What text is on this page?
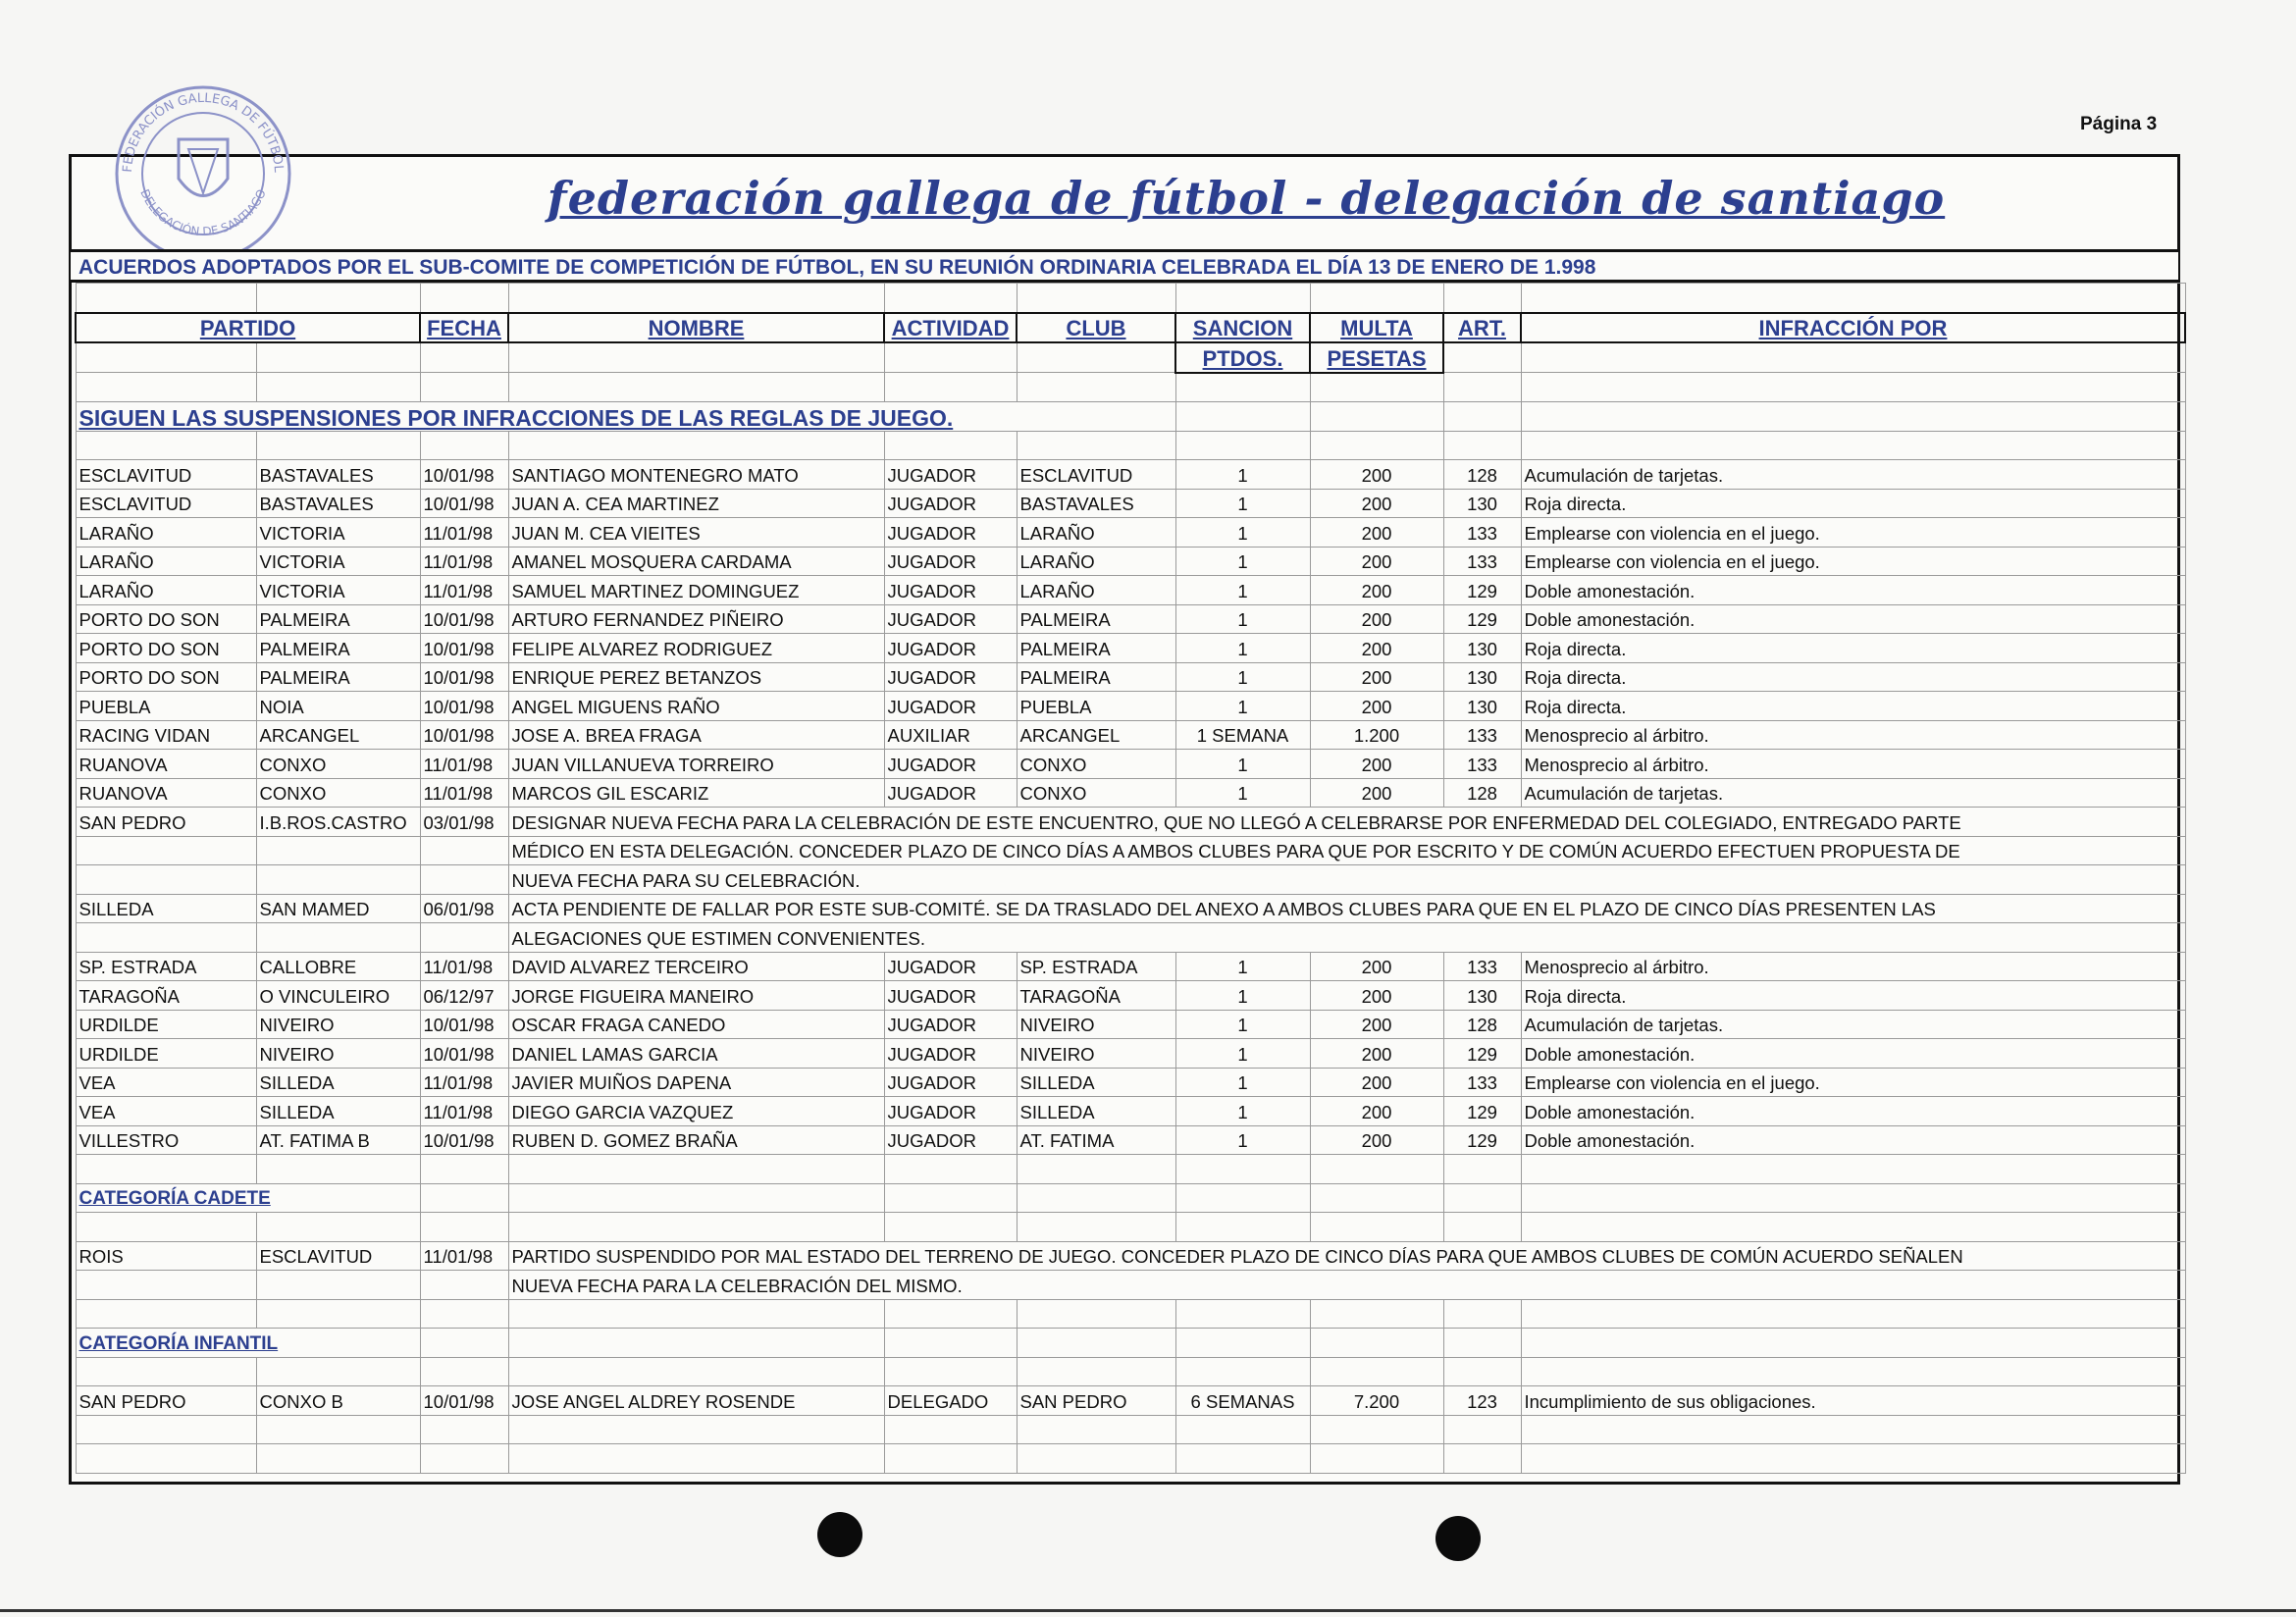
Página 3
FEDERACIÓN GALLEGA DE FÚTBOL
DELEGACIÓN DE SANTIAGO	federación gallega de fútbol - delegación de santiago
ACUERDOS ADOPTADOS POR EL SUB-COMITE DE COMPETICIÓN DE FÚTBOL, EN SU REUNIÓN ORDINARIA CELEBRADA EL DÍA 13 DE ENERO DE 1.998

PARTIDO		FECHA	NOMBRE	ACTIVIDAD	CLUB	SANCION	MULTA	ART.	INFRACCIÓN POR
						PTDOS.	PESETAS		

SIGUEN LAS SUSPENSIONES POR INFRACCIONES DE LAS REGLAS DE JUEGO.									

ESCLAVITUD	BASTAVALES	10/01/98	SANTIAGO MONTENEGRO MATO	JUGADOR	ESCLAVITUD	1	200	128	Acumulación de tarjetas.
ESCLAVITUD	BASTAVALES	10/01/98	JUAN A. CEA MARTINEZ	JUGADOR	BASTAVALES	1	200	130	Roja directa.
LARAÑO	VICTORIA	11/01/98	JUAN M. CEA VIEITES	JUGADOR	LARAÑO	1	200	133	Emplearse con violencia en el juego.
LARAÑO	VICTORIA	11/01/98	AMANEL MOSQUERA CARDAMA	JUGADOR	LARAÑO	1	200	133	Emplearse con violencia en el juego.
LARAÑO	VICTORIA	11/01/98	SAMUEL MARTINEZ DOMINGUEZ	JUGADOR	LARAÑO	1	200	129	Doble amonestación.
PORTO DO SON	PALMEIRA	10/01/98	ARTURO FERNANDEZ PIÑEIRO	JUGADOR	PALMEIRA	1	200	129	Doble amonestación.
PORTO DO SON	PALMEIRA	10/01/98	FELIPE ALVAREZ RODRIGUEZ	JUGADOR	PALMEIRA	1	200	130	Roja directa.
PORTO DO SON	PALMEIRA	10/01/98	ENRIQUE PEREZ BETANZOS	JUGADOR	PALMEIRA	1	200	130	Roja directa.
PUEBLA	NOIA	10/01/98	ANGEL MIGUENS RAÑO	JUGADOR	PUEBLA	1	200	130	Roja directa.
RACING VIDAN	ARCANGEL	10/01/98	JOSE A. BREA FRAGA	AUXILIAR	ARCANGEL	1 SEMANA	1.200	133	Menosprecio al árbitro.
RUANOVA	CONXO	11/01/98	JUAN VILLANUEVA TORREIRO	JUGADOR	CONXO	1	200	133	Menosprecio al árbitro.
RUANOVA	CONXO	11/01/98	MARCOS GIL ESCARIZ	JUGADOR	CONXO	1	200	128	Acumulación de tarjetas.
SAN PEDRO	I.B.ROS.CASTRO	03/01/98	DESIGNAR NUEVA FECHA PARA LA CELEBRACIÓN DE ESTE ENCUENTRO, QUE NO LLEGÓ A CELEBRARSE POR ENFERMEDAD DEL COLEGIADO, ENTREGADO PARTE						
			MÉDICO EN ESTA DELEGACIÓN. CONCEDER PLAZO DE CINCO DÍAS A AMBOS CLUBES PARA QUE POR ESCRITO Y DE COMÚN ACUERDO EFECTUEN PROPUESTA DE						
			NUEVA FECHA PARA SU CELEBRACIÓN.						
SILLEDA	SAN MAMED	06/01/98	ACTA PENDIENTE DE FALLAR POR ESTE SUB-COMITÉ. SE DA TRASLADO DEL ANEXO A AMBOS CLUBES PARA QUE EN EL PLAZO DE CINCO DÍAS PRESENTEN LAS						
			ALEGACIONES QUE ESTIMEN CONVENIENTES.						
SP. ESTRADA	CALLOBRE	11/01/98	DAVID ALVAREZ TERCEIRO	JUGADOR	SP. ESTRADA	1	200	133	Menosprecio al árbitro.
TARAGOÑA	O VINCULEIRO	06/12/97	JORGE FIGUEIRA MANEIRO	JUGADOR	TARAGOÑA	1	200	130	Roja directa.
URDILDE	NIVEIRO	10/01/98	OSCAR FRAGA CANEDO	JUGADOR	NIVEIRO	1	200	128	Acumulación de tarjetas.
URDILDE	NIVEIRO	10/01/98	DANIEL LAMAS GARCIA	JUGADOR	NIVEIRO	1	200	129	Doble amonestación.
VEA	SILLEDA	11/01/98	JAVIER MUIÑOS DAPENA	JUGADOR	SILLEDA	1	200	133	Emplearse con violencia en el juego.
VEA	SILLEDA	11/01/98	DIEGO GARCIA VAZQUEZ	JUGADOR	SILLEDA	1	200	129	Doble amonestación.
VILLESTRO	AT. FATIMA B	10/01/98	RUBEN D. GOMEZ BRAÑA	JUGADOR	AT. FATIMA	1	200	129	Doble amonestación.

CATEGORÍA CADETE									

ROIS	ESCLAVITUD	11/01/98	PARTIDO SUSPENDIDO POR MAL ESTADO DEL TERRENO DE JUEGO. CONCEDER PLAZO DE CINCO DÍAS PARA QUE AMBOS CLUBES DE COMÚN ACUERDO SEÑALEN						
			NUEVA FECHA PARA LA CELEBRACIÓN DEL MISMO.						

CATEGORÍA INFANTIL									

SAN PEDRO	CONXO B	10/01/98	JOSE ANGEL ALDREY ROSENDE	DELEGADO	SAN PEDRO	6 SEMANAS	7.200	123	Incumplimiento de sus obligaciones.
